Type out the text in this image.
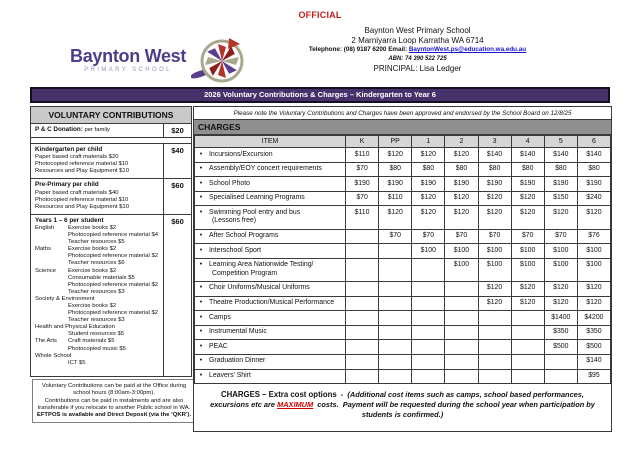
OFFICIAL
Baynton West
PRIMARY SCHOOL
Baynton West Primary School
2 Marniyarra Loop Karratha WA 6714
Telephone: (08) 9187 6200 Email: BayntonWest.ps@education.wa.edu.au
ABN: 74 390 522 725
PRINCIPAL: Lisa Ledger
2026 Voluntary Contributions & Charges – Kindergarten to Year 6
VOLUNTARY CONTRIBUTIONS
P & C Donation: per family	$20
Kindergarten per child
Paper based craft materials $20
Photocopied reference material $10
Resources and Play Equipment $10
$40
Pre-Primary per child
Paper based craft materials $40
Photocopied reference material $10
Resources and Play Equipment $10
$60
Years 1 – 6 per student
English	Exercise books $2
Photocopied reference material $4
Teacher resources $5
Maths	Exercise books $2
Photocopied reference material $2
Teacher resources $6
Science	Exercise books $2
Consumable materials $5
Photocopied reference material $2
Teacher resources $3
Society & Environment
Exercise books $2
Photocopied reference material $2
Teacher resources $3
Health and Physical Education
Student resources $5
The Arts	Craft materials $5
Photocopied music $5
Whole School
ICT $5
$60
Voluntary Contributions can be paid at the Office during school hours (8:00am-3:00pm).
Contributions can be paid in instalments and are also transferable if you relocate to another Public school in WA.
EFTPOS is available and Direct Deposit (via the ‘QKR’).
Please note the Voluntary Contributions and Charges have been approved and endorsed by the School Board on 12/8/25
CHARGES
ITEM	K	PP	1	2	3	4	5	6
• Incursions/Excursion	$110	$120	$120	$120	$140	$140	$140	$140
• Assembly/EOY concert requirements	$70	$80	$80	$80	$80	$80	$80	$80
• School Photo	$190	$190	$190	$190	$190	$190	$190	$190
• Specialised Learning Programs	$70	$110	$120	$120	$120	$120	$150	$240
• Swimming Pool entry and bus
(Lessons free)	$110	$120	$120	$120	$120	$120	$120	$120
• After School Programs		$70	$70	$70	$70	$70	$70	$76
• Interschool Sport			$100	$100	$100	$100	$100	$100
• Learning Area Nationwide Testing/
Competition Program				$100	$100	$100	$100	$100
• Choir Uniforms/Musical Uniforms					$120	$120	$120	$120
• Theatre Production/Musical Performance					$120	$120	$120	$120
• Camps							$1400	$4200
• Instrumental Music							$350	$350
• PEAC							$500	$500
• Graduation Dinner								$140
• Leavers’ Shirt								$95
CHARGES – Extra cost options  -  (Additional cost items such as camps, school based performances, excursions etc are MAXIMUM  costs.  Payment will be requested during the school year when participation by students is confirmed.)
